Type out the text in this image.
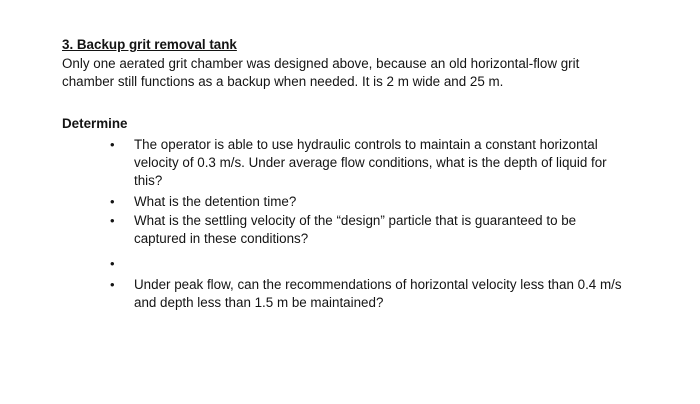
3. Backup grit removal tank
Only one aerated grit chamber was designed above, because an old horizontal-flow grit
chamber still functions as a backup when needed. It is 2 m wide and 25 m.
Determine
•	The operator is able to use hydraulic controls to maintain a constant horizontal
velocity of 0.3 m/s. Under average flow conditions, what is the depth of liquid for
this?
•	What is the detention time?
•	What is the settling velocity of the “design” particle that is guaranteed to be
captured in these conditions?
•
•	Under peak flow, can the recommendations of horizontal velocity less than 0.4 m/s
and depth less than 1.5 m be maintained?
